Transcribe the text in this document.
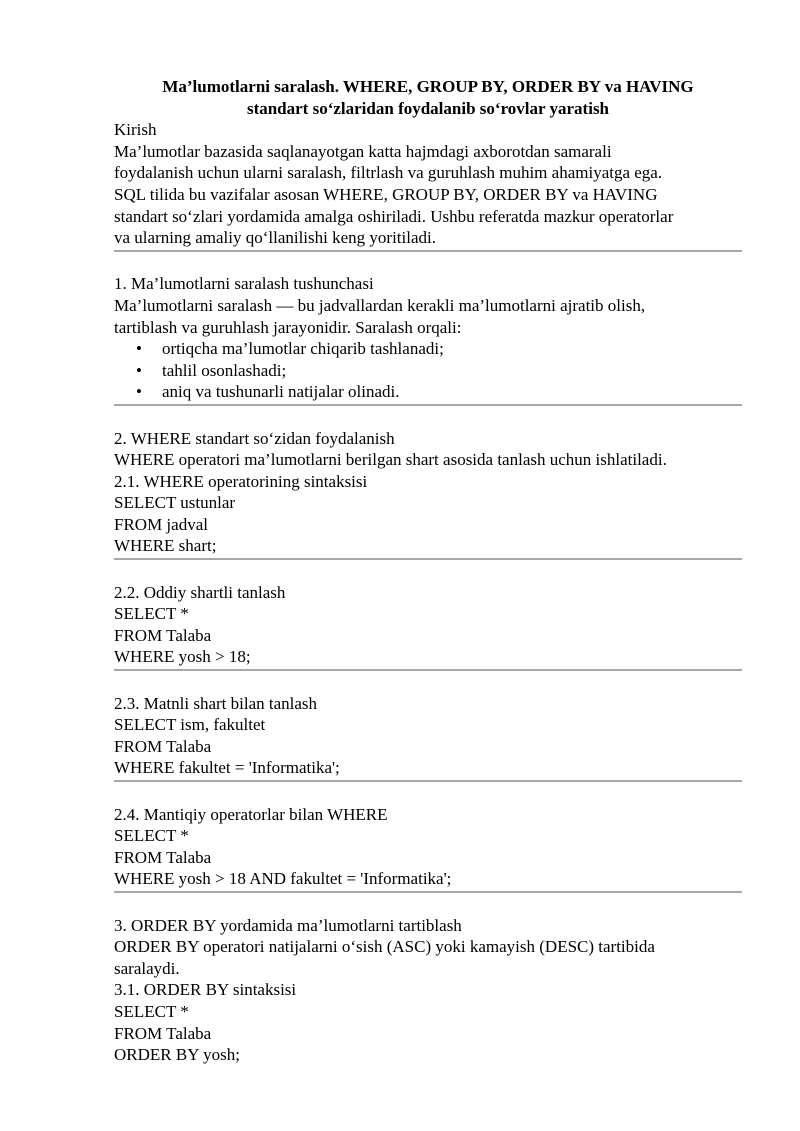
Ma’lumotlarni saralash. WHERE, GROUP BY, ORDER BY va HAVING
standart so‘zlaridan foydalanib so‘rovlar yaratish
Kirish
Ma’lumotlar bazasida saqlanayotgan katta hajmdagi axborotdan samarali
foydalanish uchun ularni saralash, filtrlash va guruhlash muhim ahamiyatga ega.
SQL tilida bu vazifalar asosan WHERE, GROUP BY, ORDER BY va HAVING
standart so‘zlari yordamida amalga oshiriladi. Ushbu referatda mazkur operatorlar
va ularning amaliy qo‘llanilishi keng yoritiladi.
1. Ma’lumotlarni saralash tushunchasi
Ma’lumotlarni saralash — bu jadvallardan kerakli ma’lumotlarni ajratib olish,
tartiblash va guruhlash jarayonidir. Saralash orqali:
• ortiqcha ma’lumotlar chiqarib tashlanadi;
• tahlil osonlashadi;
• aniq va tushunarli natijalar olinadi.
2. WHERE standart so‘zidan foydalanish
WHERE operatori ma’lumotlarni berilgan shart asosida tanlash uchun ishlatiladi.
2.1. WHERE operatorining sintaksisi
SELECT ustunlar
FROM jadval
WHERE shart;
2.2. Oddiy shartli tanlash
SELECT *
FROM Talaba
WHERE yosh > 18;
2.3. Matnli shart bilan tanlash
SELECT ism, fakultet
FROM Talaba
WHERE fakultet = 'Informatika';
2.4. Mantiqiy operatorlar bilan WHERE
SELECT *
FROM Talaba
WHERE yosh > 18 AND fakultet = 'Informatika';
3. ORDER BY yordamida ma’lumotlarni tartiblash
ORDER BY operatori natijalarni o‘sish (ASC) yoki kamayish (DESC) tartibida
saralaydi.
3.1. ORDER BY sintaksisi
SELECT *
FROM Talaba
ORDER BY yosh;
